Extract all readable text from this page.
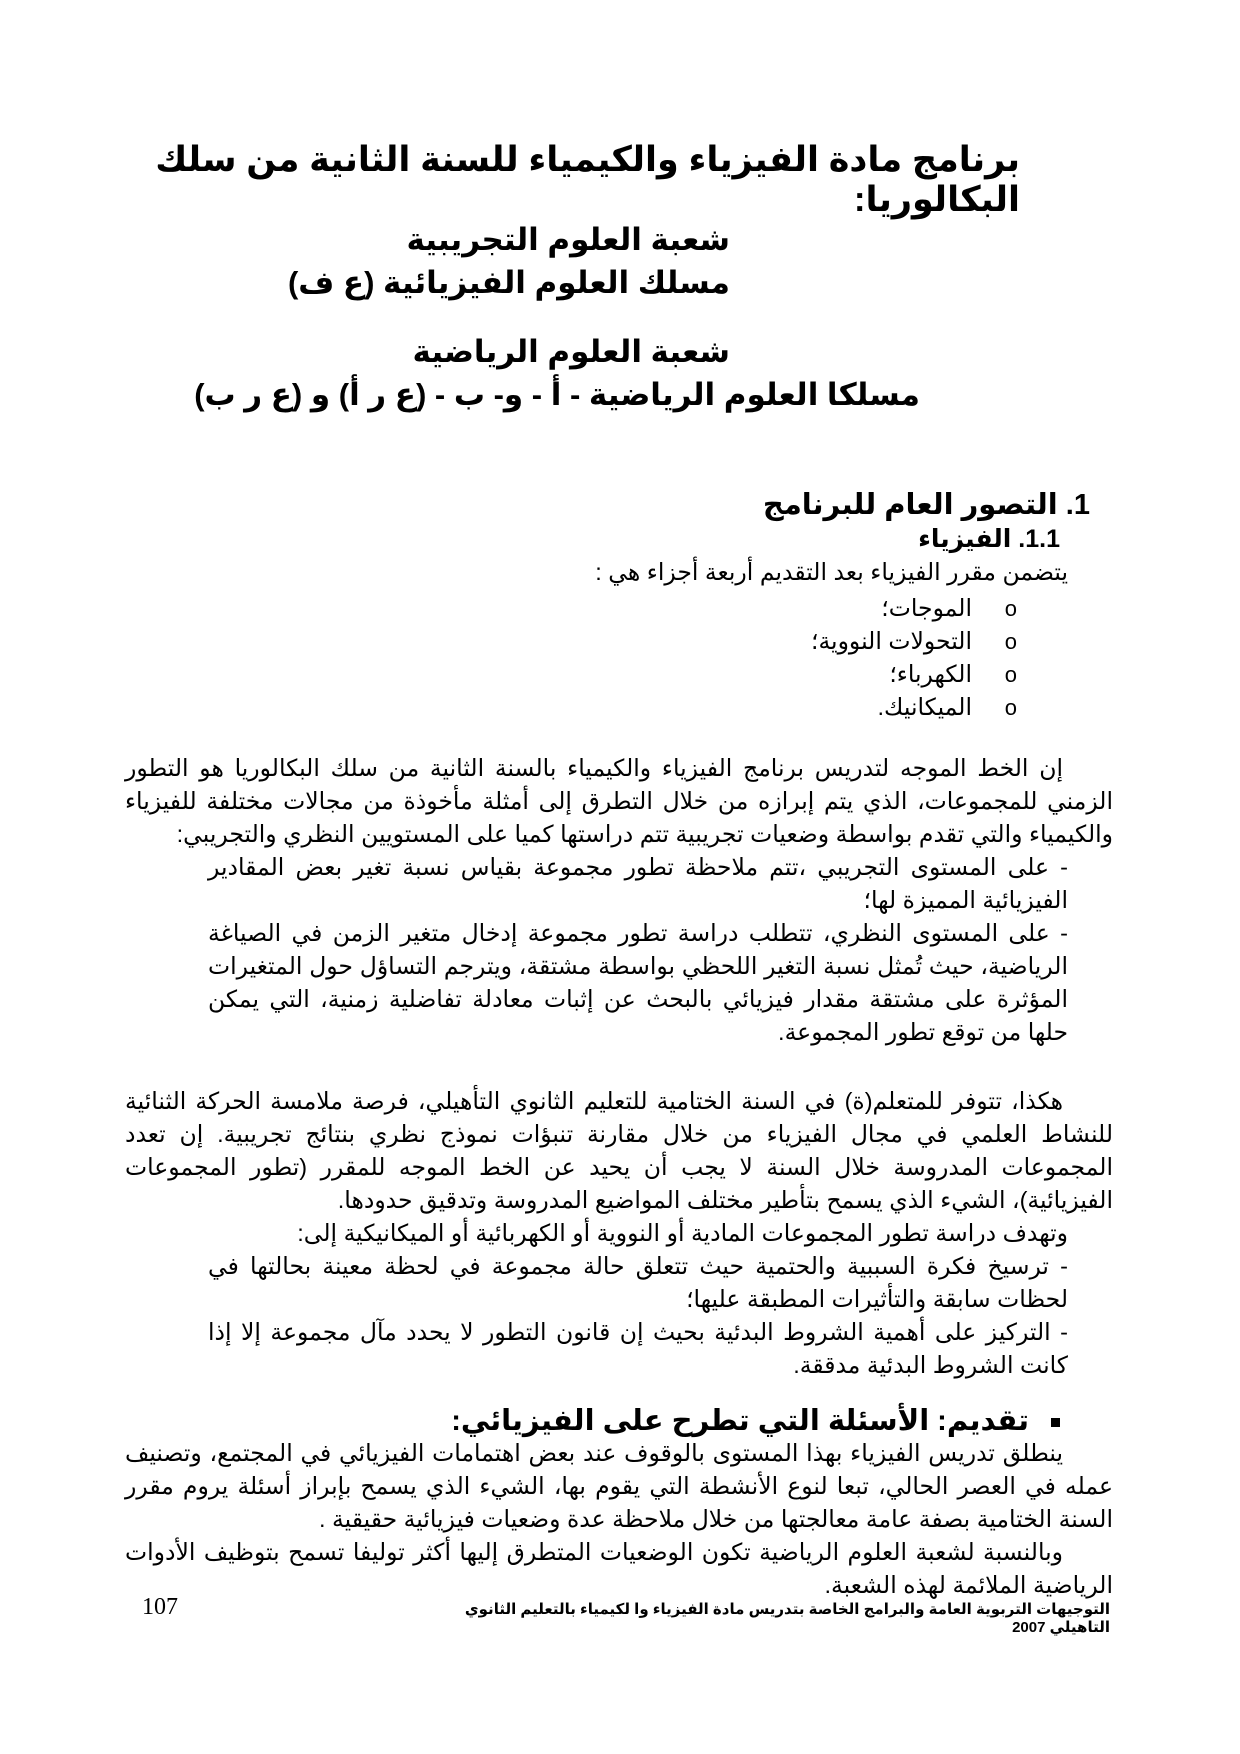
برنامج مادة الفيزياء والكيمياء للسنة الثانية من سلك البكالوريا:
شعبة العلوم التجريبية
مسلك العلوم الفيزيائية (ع ف)
شعبة العلوم الرياضية
مسلكا العلوم الرياضية - أ - و- ب - (ع ر أ) و (ع ر ب)
1. التصور العام للبرنامج
1.1. الفيزياء
يتضمن مقرر الفيزياء بعد التقديم أربعة أجزاء هي :
o
الموجات؛
o
التحولات النووية؛
o
الكهرباء؛
o
الميكانيك.
إن الخط الموجه لتدريس برنامج الفيزياء والكيمياء بالسنة الثانية من سلك البكالوريا هو التطور الزمني للمجموعات، الذي يتم إبرازه من خلال التطرق إلى أمثلة مأخوذة من مجالات مختلفة للفيزياء والكيمياء والتي تقدم بواسطة وضعيات تجريبية تتم دراستها كميا على المستويين النظري والتجريبي:
- على المستوى التجريبي ،تتم ملاحظة تطور مجموعة بقياس نسبة تغير بعض المقادير الفيزيائية المميزة لها؛
- على المستوى النظري، تتطلب دراسة تطور مجموعة إدخال متغير الزمن في الصياغة الرياضية، حيث تُمثل نسبة التغير اللحظي بواسطة مشتقة، ويترجم التساؤل حول المتغيرات المؤثرة على مشتقة مقدار فيزيائي بالبحث عن إثبات معادلة تفاضلية زمنية، التي يمكن حلها من توقع تطور المجموعة.
هكذا، تتوفر للمتعلم(ة) في السنة الختامية للتعليم الثانوي التأهيلي، فرصة ملامسة الحركة الثنائية للنشاط العلمي في مجال الفيزياء من خلال مقارنة تنبؤات نموذج نظري بنتائج تجريبية. إن تعدد المجموعات المدروسة خلال السنة لا يجب أن يحيد عن الخط الموجه للمقرر (تطور المجموعات الفيزيائية)، الشيء الذي يسمح بتأطير مختلف المواضيع المدروسة وتدقيق حدودها.
وتهدف دراسة تطور المجموعات المادية أو النووية أو الكهربائية أو الميكانيكية إلى:
- ترسيخ فكرة السببية والحتمية حيث تتعلق حالة مجموعة في لحظة معينة بحالتها في لحظات سابقة والتأثيرات المطبقة عليها؛
- التركيز على أهمية الشروط البدئية بحيث إن قانون التطور لا يحدد مآل مجموعة إلا إذا كانت الشروط البدئية مدققة.
تقديم: الأسئلة التي تطرح على الفيزيائي:
ينطلق تدريس الفيزياء بهذا المستوى بالوقوف عند بعض اهتمامات الفيزيائي في المجتمع، وتصنيف عمله في العصر الحالي، تبعا لنوع الأنشطة التي يقوم بها، الشيء الذي يسمح بإبراز أسئلة يروم مقرر السنة الختامية بصفة عامة معالجتها من خلال ملاحظة عدة وضعيات فيزيائية حقيقية .
وبالنسبة لشعبة العلوم الرياضية تكون الوضعيات المتطرق إليها أكثر توليفا تسمح بتوظيف الأدوات الرياضية الملائمة لهذه الشعبة.
التوجيهات التربوية العامة والبرامج الخاصة بتدريس مادة الفيزياء وا لكيمياء بالتعليم الثانوي التاهيلي 2007
107
